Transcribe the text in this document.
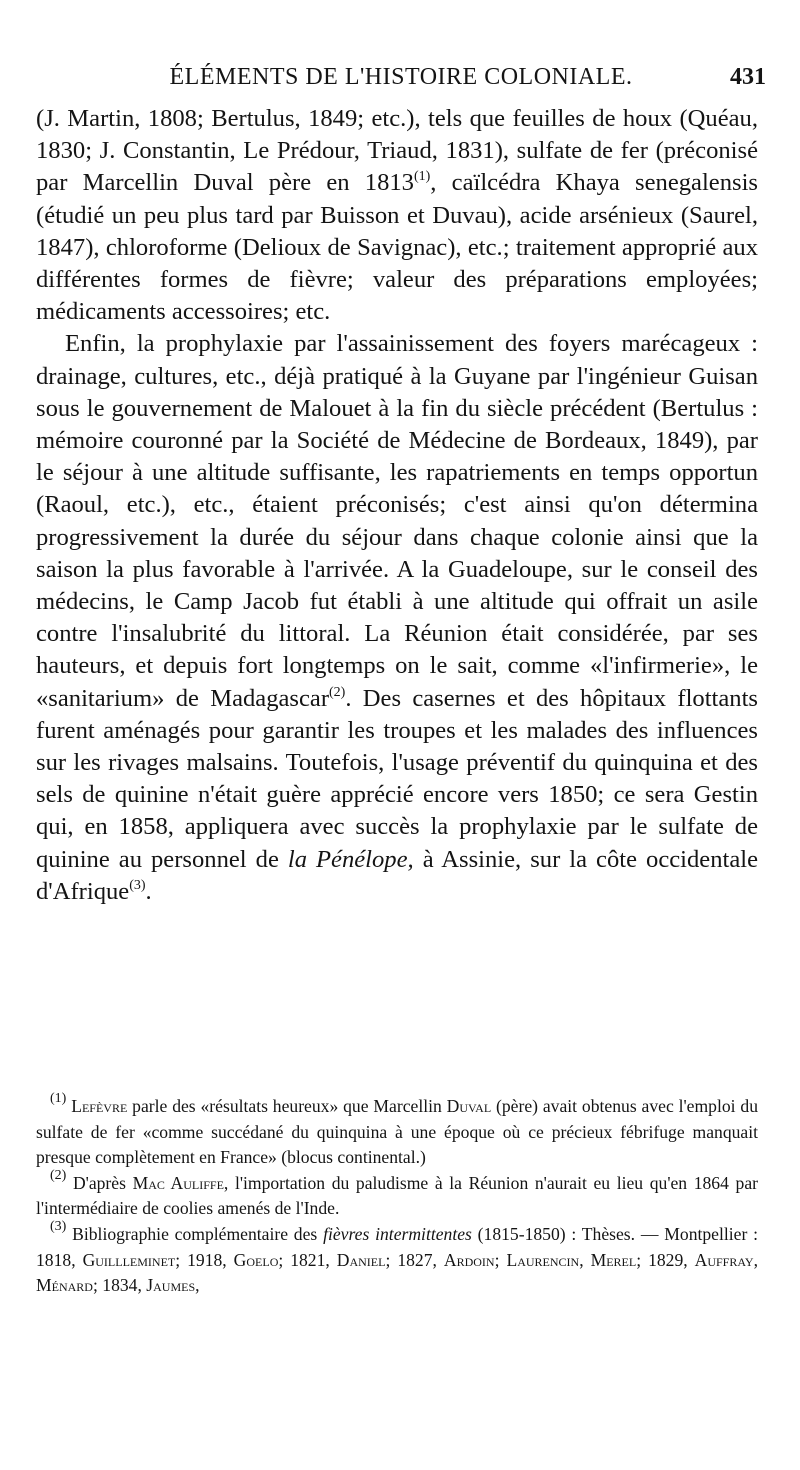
ÉLÉMENTS DE L'HISTOIRE COLONIALE.	431

(J. Martin, 1808; Bertulus, 1849; etc.), tels que feuilles de houx (Quéau, 1830; J. Constantin, Le Prédour, Triaud, 1831), sulfate de fer (préconisé par Marcellin Duval père en 1813$^{(1)}$, caïlcédra Khaya senegalensis (étudié un peu plus tard par Buisson et Duvau), acide arsénieux (Saurel, 1847), chloroforme (Delioux de Savignac), etc.; traitement approprié aux différentes formes de fièvre; valeur des préparations employées; médicaments accessoires; etc.

Enfin, la prophylaxie par l'assainissement des foyers marécageux : drainage, cultures, etc., déjà pratiqué à la Guyane par l'ingénieur Guisan sous le gouvernement de Malouet à la fin du siècle précédent (Bertulus : mémoire couronné par la Société de Médecine de Bordeaux, 1849), par le séjour à une altitude suffisante, les rapatriements en temps opportun (Raoul, etc.), etc., étaient préconisés; c'est ainsi qu'on détermina progressivement la durée du séjour dans chaque colonie ainsi que la saison la plus favorable à l'arrivée. A la Guadeloupe, sur le conseil des médecins, le Camp Jacob fut établi à une altitude qui offrait un asile contre l'insalubrité du littoral. La Réunion était considérée, par ses hauteurs, et depuis fort longtemps on le sait, comme «l'infirmerie», le «sanitarium» de Madagascar$^{(2)}$. Des casernes et des hôpitaux flottants furent aménagés pour garantir les troupes et les malades des influences sur les rivages malsains. Toutefois, l'usage préventif du quinquina et des sels de quinine n'était guère apprécié encore vers 1850; ce sera Gestin qui, en 1858, appliquera avec succès la prophylaxie par le sulfate de quinine au personnel de la Pénélope, à Assinie, sur la côte occidentale d'Afrique$^{(3)}$.

$^{(1)}$ Lefèvre parle des «résultats heureux» que Marcellin Duval (père) avait obtenus avec l'emploi du sulfate de fer «comme succédané du quinquina à une époque où ce précieux fébrifuge manquait presque complètement en France» (blocus continental.)

$^{(2)}$ D'après Mac Auliffe, l'importation du paludisme à la Réunion n'aurait eu lieu qu'en 1864 par l'intermédiaire de coolies amenés de l'Inde.

$^{(3)}$ Bibliographie complémentaire des fièvres intermittentes (1815-1850) : Thèses. — Montpellier : 1818, Guillleminet; 1918, Goelo; 1821, Daniel; 1827, Ardoin; Laurencin, Merel; 1829, Auffray, Ménard; 1834, Jaumes,
